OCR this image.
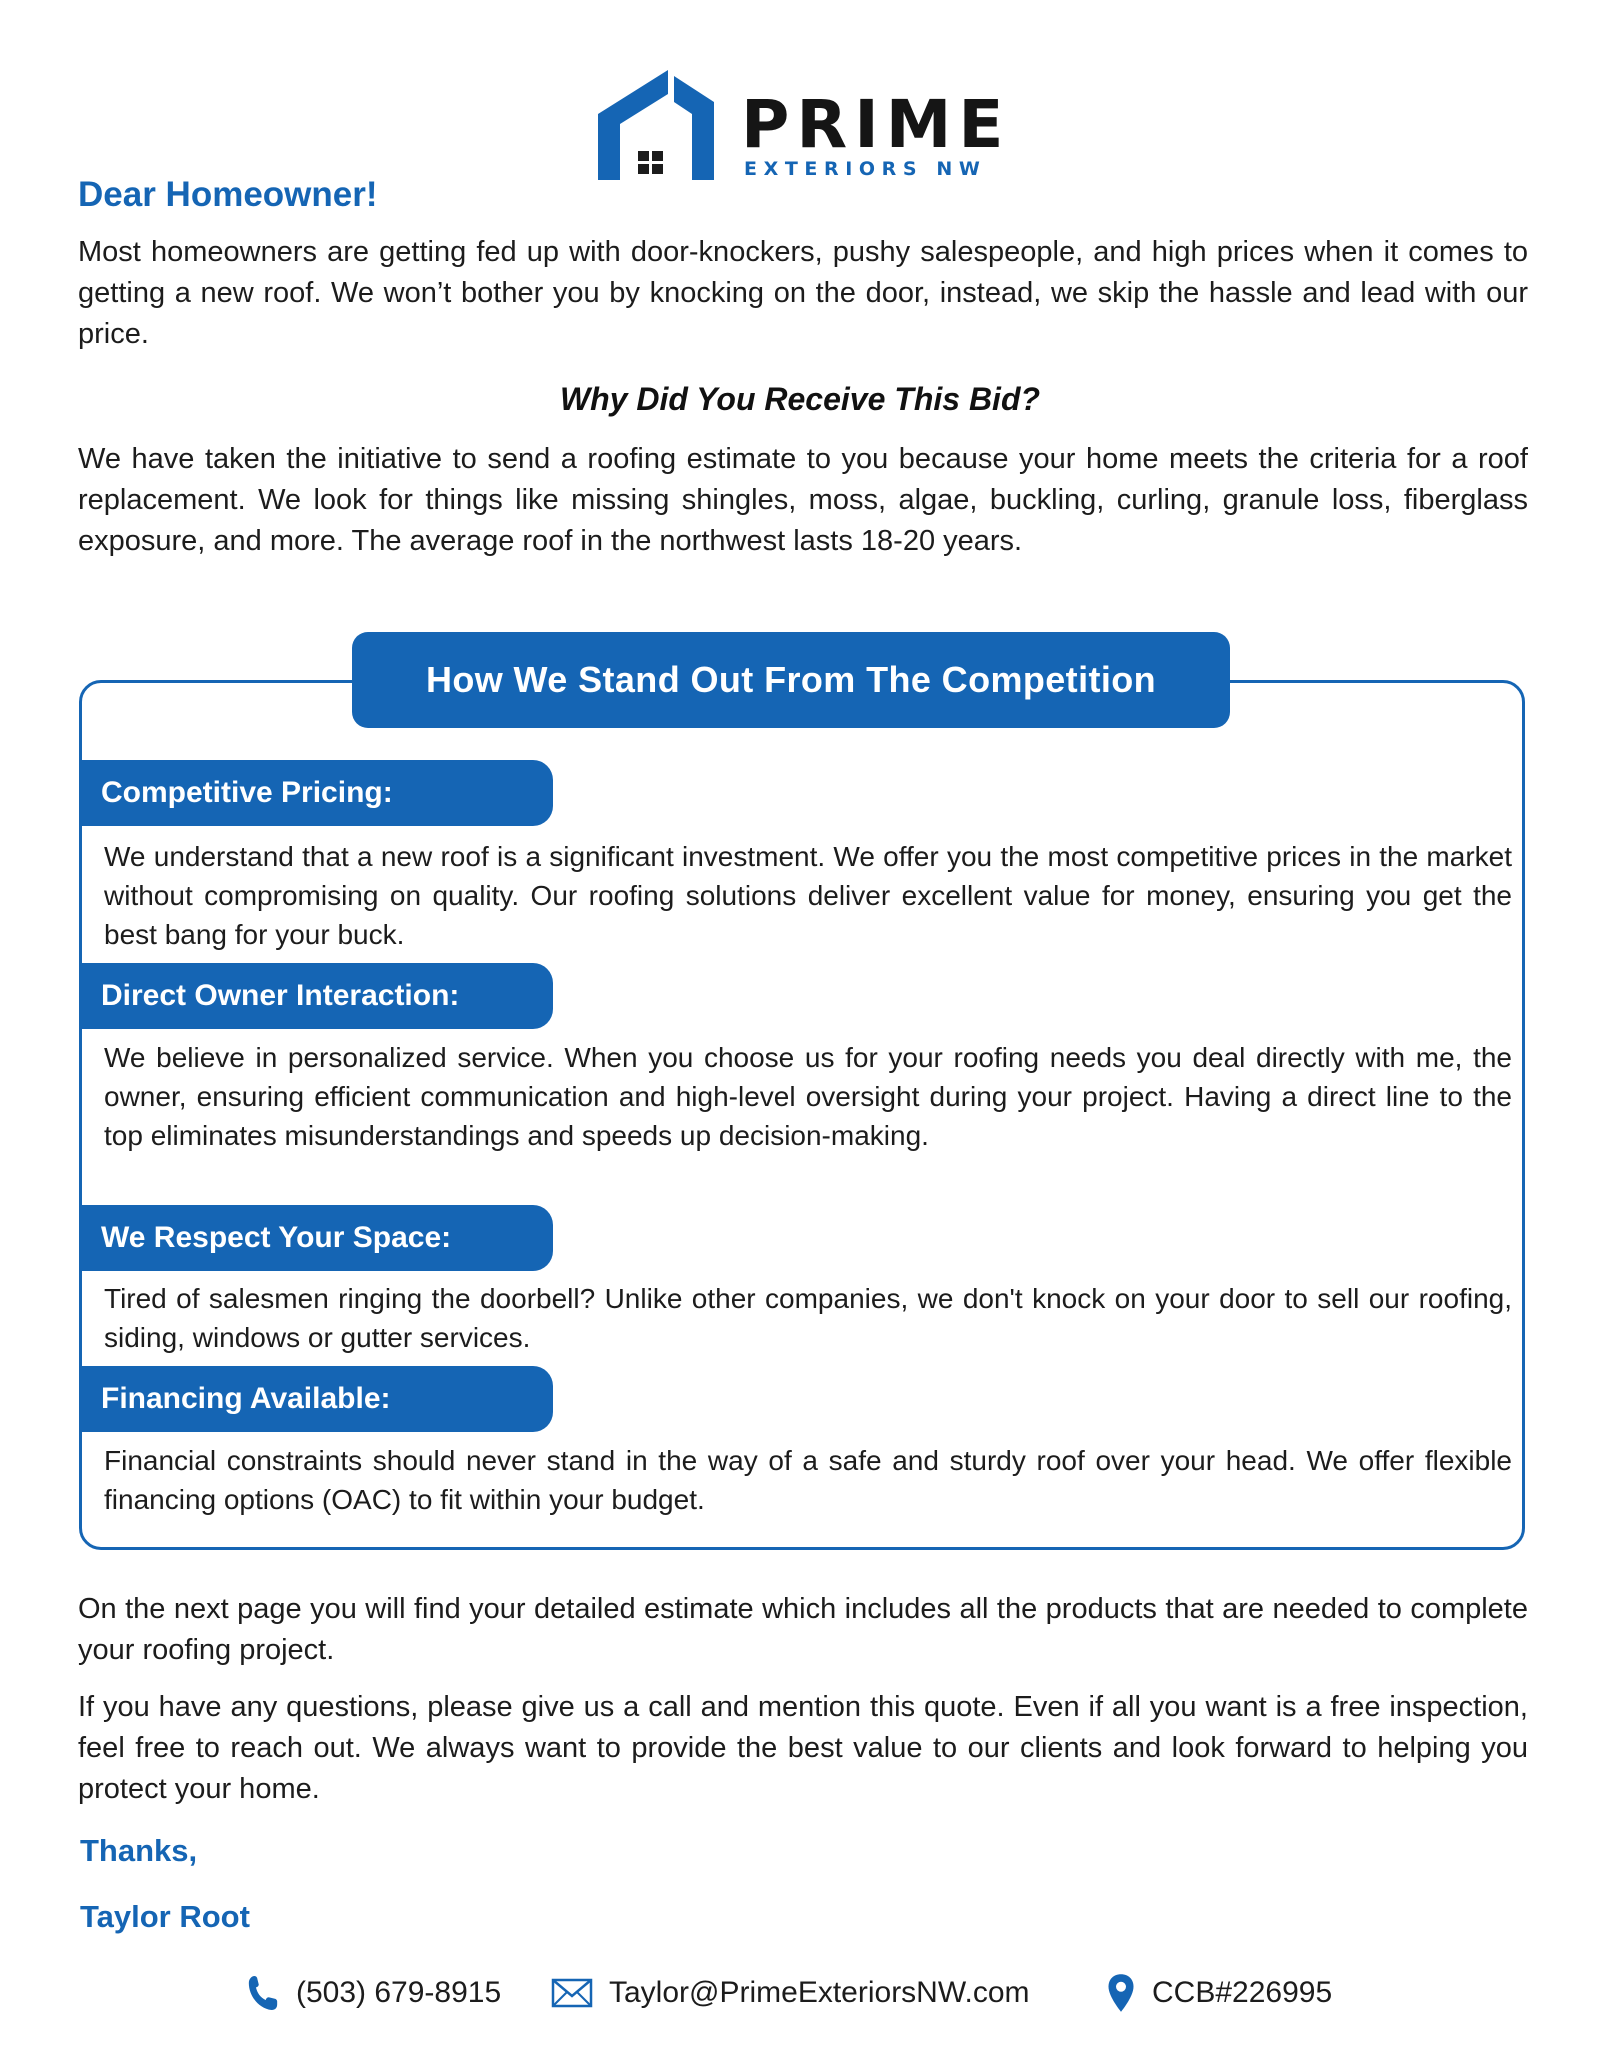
PRIME
EXTERIORS NW
Dear Homeowner!

Most homeowners are getting fed up with door-knockers, pushy salespeople, and high prices when it comes to getting a new roof. We won’t bother you by knocking on the door, instead, we skip the hassle and lead with our price.

Why Did You Receive This Bid?

We have taken the initiative to send a roofing estimate to you because your home meets the criteria for a roof replacement. We look for things like missing shingles, moss, algae, buckling, curling, granule loss, fiberglass exposure, and more. The average roof in the northwest lasts 18-20 years.

How We Stand Out From The Competition
Competitive Pricing:

We understand that a new roof is a significant investment. We offer you the most competitive prices in the market without compromising on quality. Our roofing solutions deliver excellent value for money, ensuring you get the best bang for your buck.

Direct Owner Interaction:

We believe in personalized service. When you choose us for your roofing needs you deal directly with me, the owner, ensuring efficient communication and high-level oversight during your project. Having a direct line to the top eliminates misunderstandings and speeds up decision-making.

We Respect Your Space:

Tired of salesmen ringing the doorbell? Unlike other companies, we don't knock on your door to sell our roofing, siding, windows or gutter services.

Financing Available:

Financial constraints should never stand in the way of a safe and sturdy roof over your head. We offer flexible financing options (OAC) to fit within your budget.

On the next page you will find your detailed estimate which includes all the products that are needed to complete your roofing project.

If you have any questions, please give us a call and mention this quote. Even if all you want is a free inspection, feel free to reach out. We always want to provide the best value to our clients and look forward to helping you protect your home.

Thanks,

Taylor Root

(503) 679-8915	Taylor@PrimeExteriorsNW.com	CCB#226995
